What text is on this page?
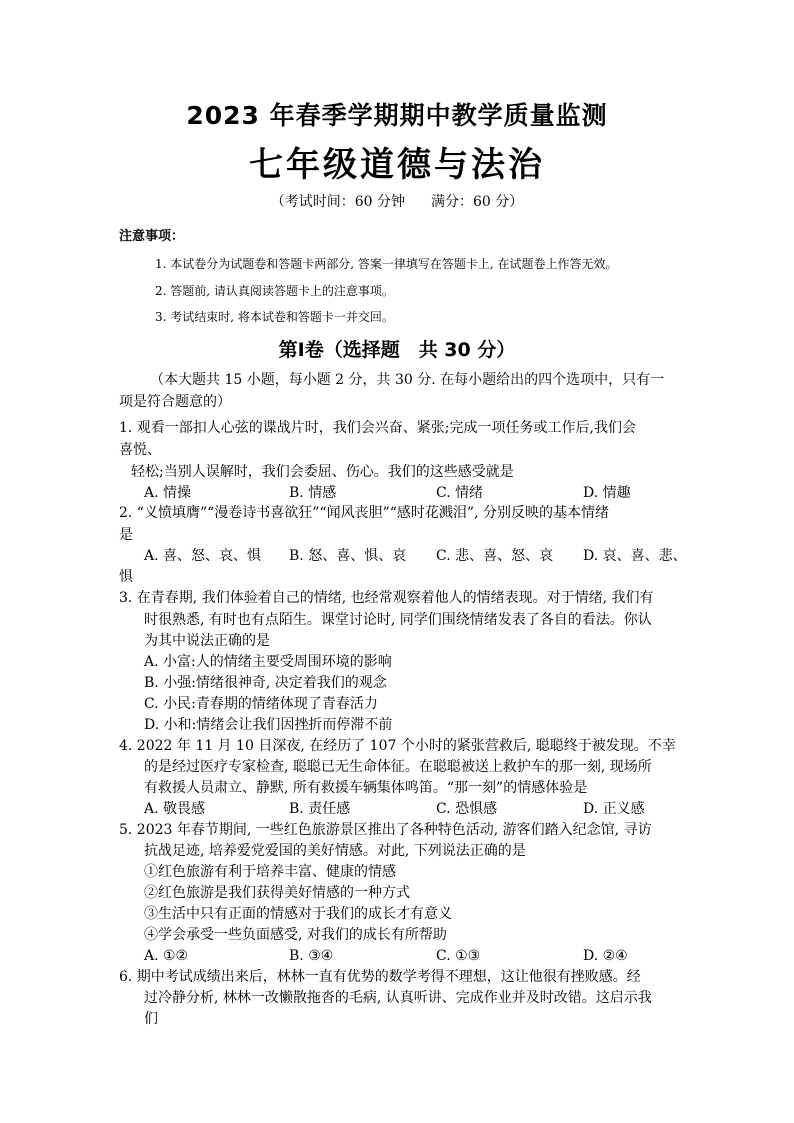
2023 年春季学期期中教学质量监测
七年级道德与法治
（考试时间：60 分钟 满分：60 分）
注意事项：
1. 本试卷分为试题卷和答题卡两部分, 答案一律填写在答题卡上, 在试题卷上作答无效。
2. 答题前, 请认真阅读答题卡上的注意事项。
3. 考试结束时, 将本试卷和答题卡一并交回。
第Ⅰ卷（选择题　共 30 分）
（本大题共 15 小题，每小题 2 分，共 30 分. 在每小题给出的四个选项中，只有一
项是符合题意的）
1. 观看一部扣人心弦的谍战片时，我们会兴奋、紧张;完成一项任务或工作后,我们会
喜悦、
轻松;当别人误解时，我们会委屈、伤心。我们的这些感受就是
A. 情操	B. 情感	C. 情绪	D. 情趣
2. “义愤填膺”“漫卷诗书喜欲狂”“闻风丧胆”“感时花溅泪”, 分别反映的基本情绪
是
A. 喜、怒、哀、惧 B. 怒、喜、惧、哀 C. 悲、喜、怒、哀 D. 哀、喜、悲、
惧
3. 在青春期, 我们体验着自己的情绪, 也经常观察着他人的情绪表现。对于情绪, 我们有
时很熟悉, 有时也有点陌生。课堂讨论时, 同学们围绕情绪发表了各自的看法。你认
为其中说法正确的是
A. 小富:人的情绪主要受周围环境的影响
B. 小强:情绪很神奇, 决定着我们的观念
C. 小民:青春期的情绪体现了青春活力
D. 小和:情绪会让我们因挫折而停滞不前
4. 2022 年 11 月 10 日深夜, 在经历了 107 个小时的紧张营救后, 聪聪终于被发现。不幸
的是经过医疗专家检查, 聪聪已无生命体征。在聪聪被送上救护车的那一刻, 现场所
有救援人员肃立、静默, 所有救援车辆集体鸣笛。“那一刻”的情感体验是
A. 敬畏感	B. 责任感	C. 恐惧感	D. 正义感
5. 2023 年春节期间, 一些红色旅游景区推出了各种特色活动, 游客们踏入纪念馆, 寻访
抗战足迹, 培养爱党爱国的美好情感。对此, 下列说法正确的是
①红色旅游有利于培养丰富、健康的情感
②红色旅游是我们获得美好情感的一种方式
③生活中只有正面的情感对于我们的成长才有意义
④学会承受一些负面感受, 对我们的成长有所帮助
A. ①②	B. ③④	C. ①③	D. ②④
6. 期中考试成绩出来后，林林一直有优势的数学考得不理想，这让他很有挫败感。经
过冷静分析, 林林一改懒散拖沓的毛病, 认真听讲、完成作业并及时改错。这启示我
们
